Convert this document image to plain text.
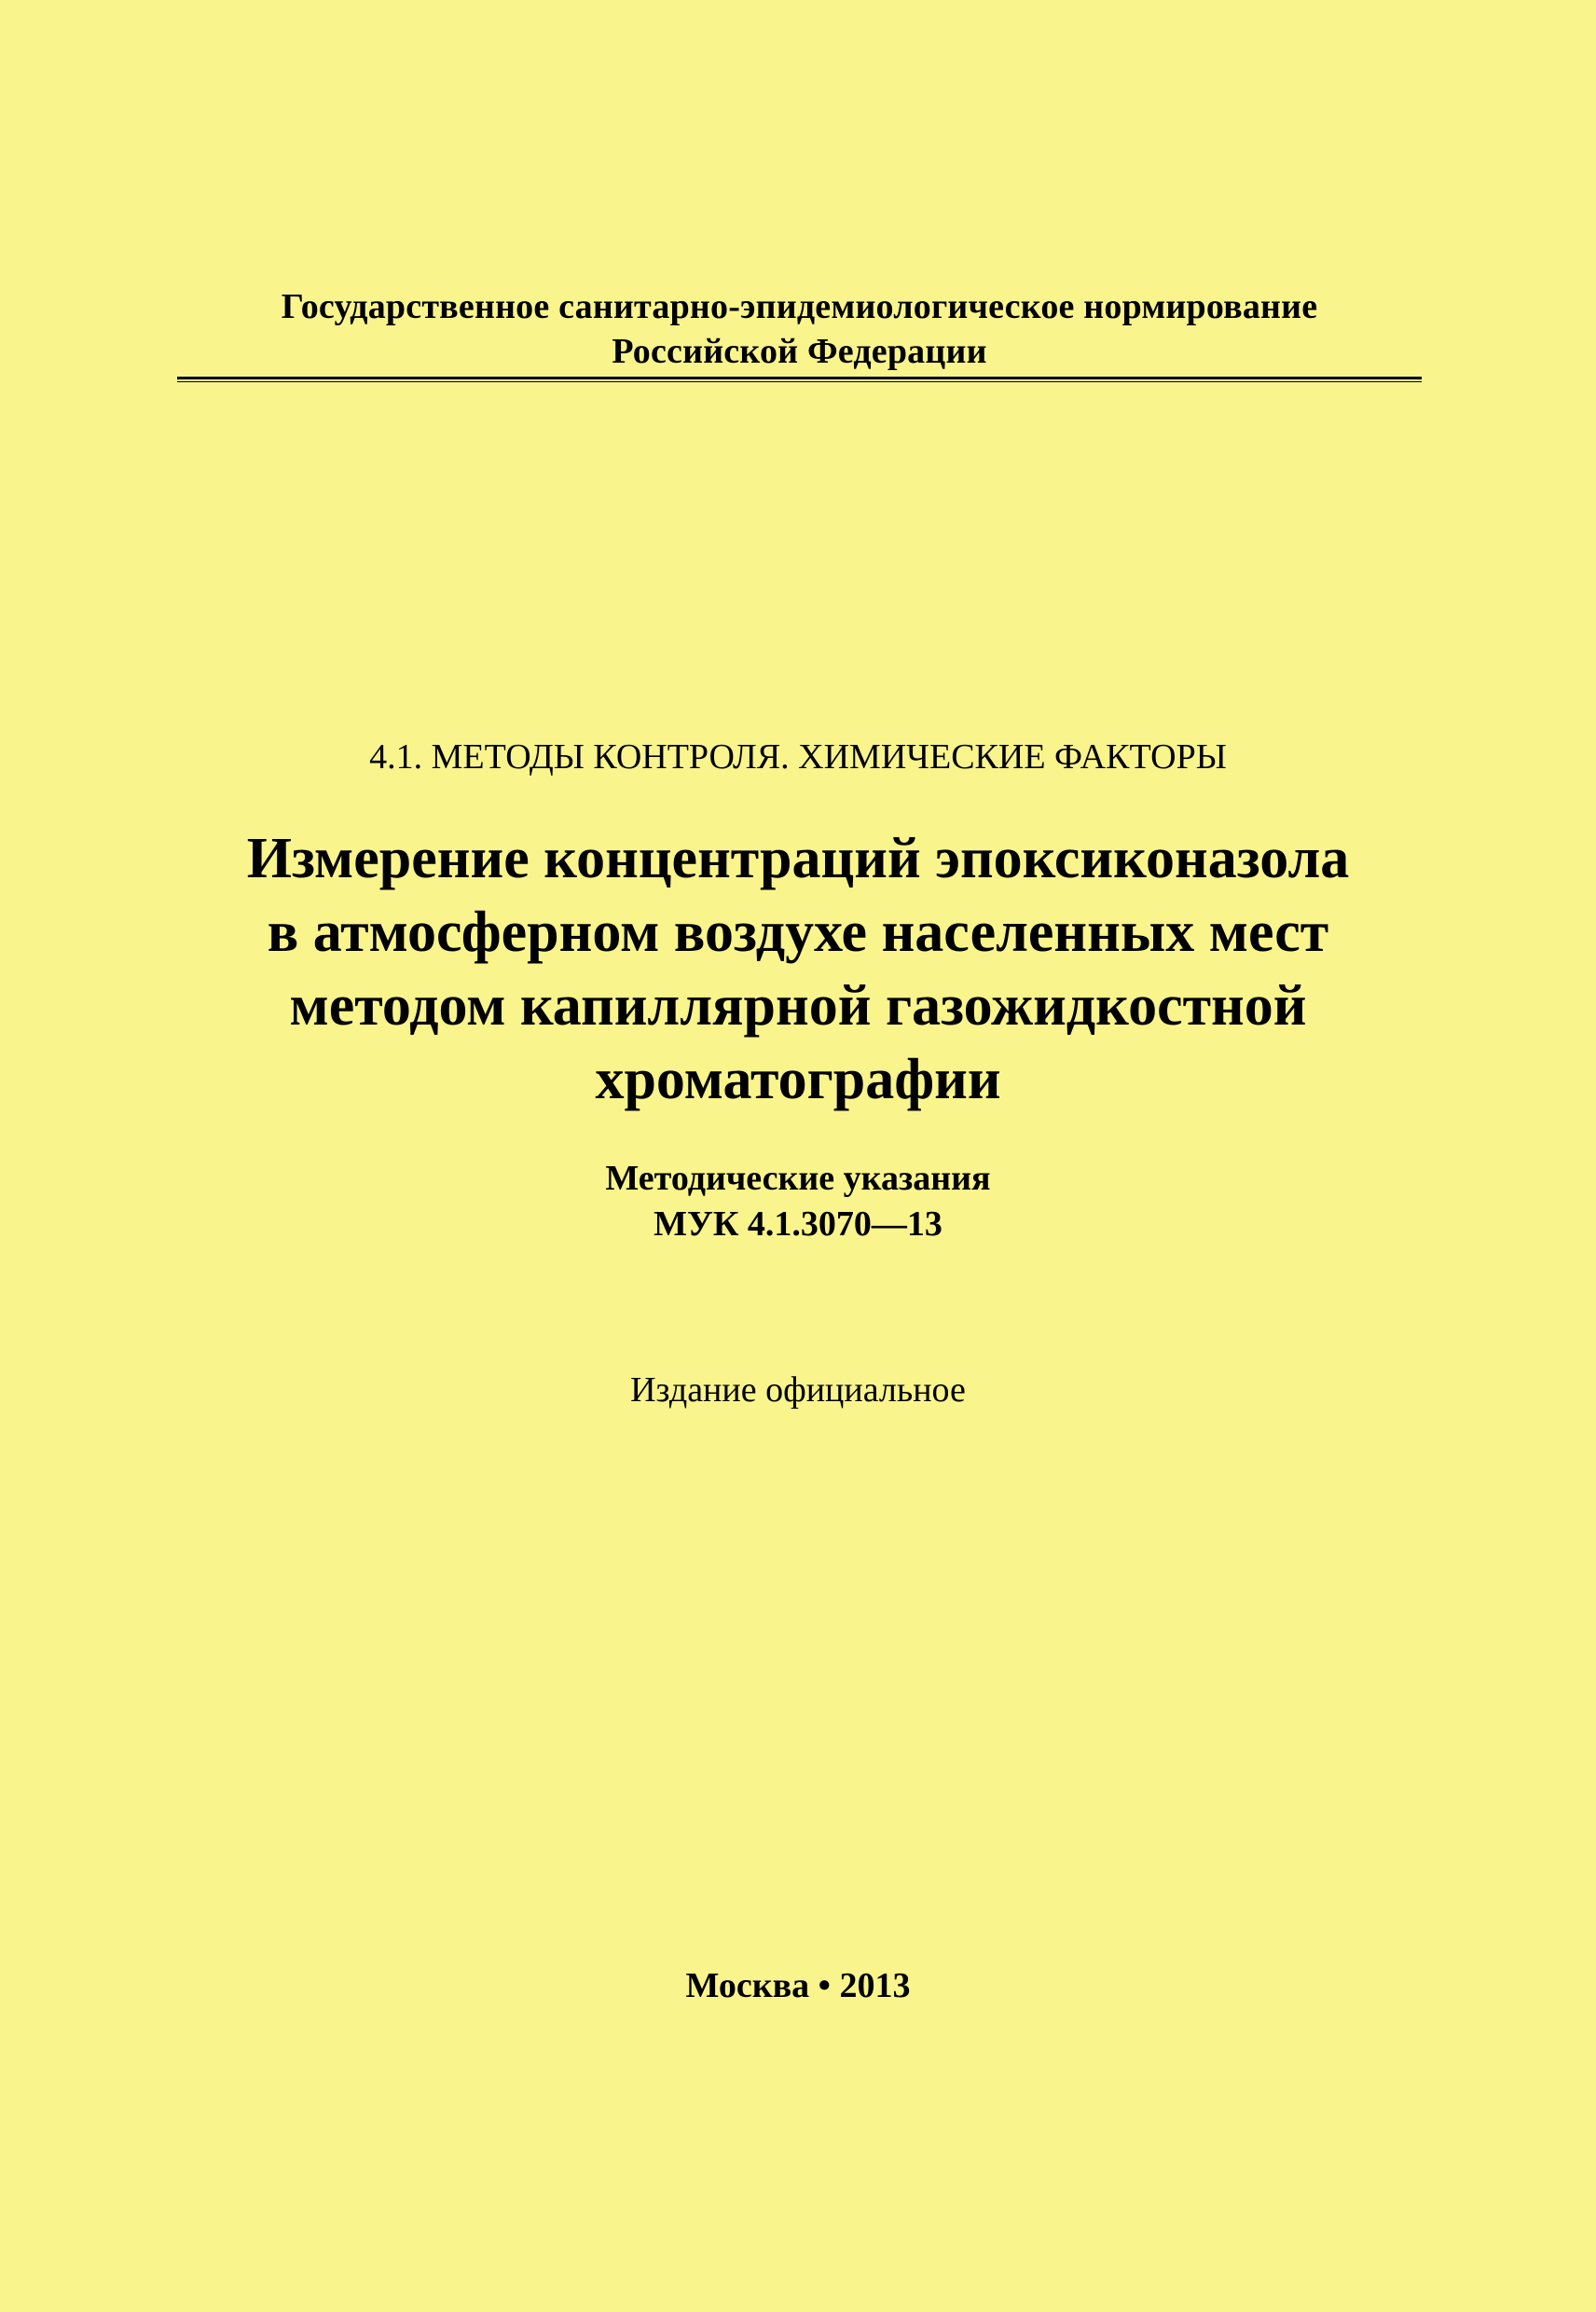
Государственное санитарно-эпидемиологическое нормирование
Российской Федерации
4.1. МЕТОДЫ КОНТРОЛЯ. ХИМИЧЕСКИЕ ФАКТОРЫ
Измерение концентраций эпоксиконазола
в атмосферном воздухе населенных мест
методом капиллярной газожидкостной
хроматографии
Методические указания
МУК 4.1.3070—13
Издание официальное
Москва • 2013
